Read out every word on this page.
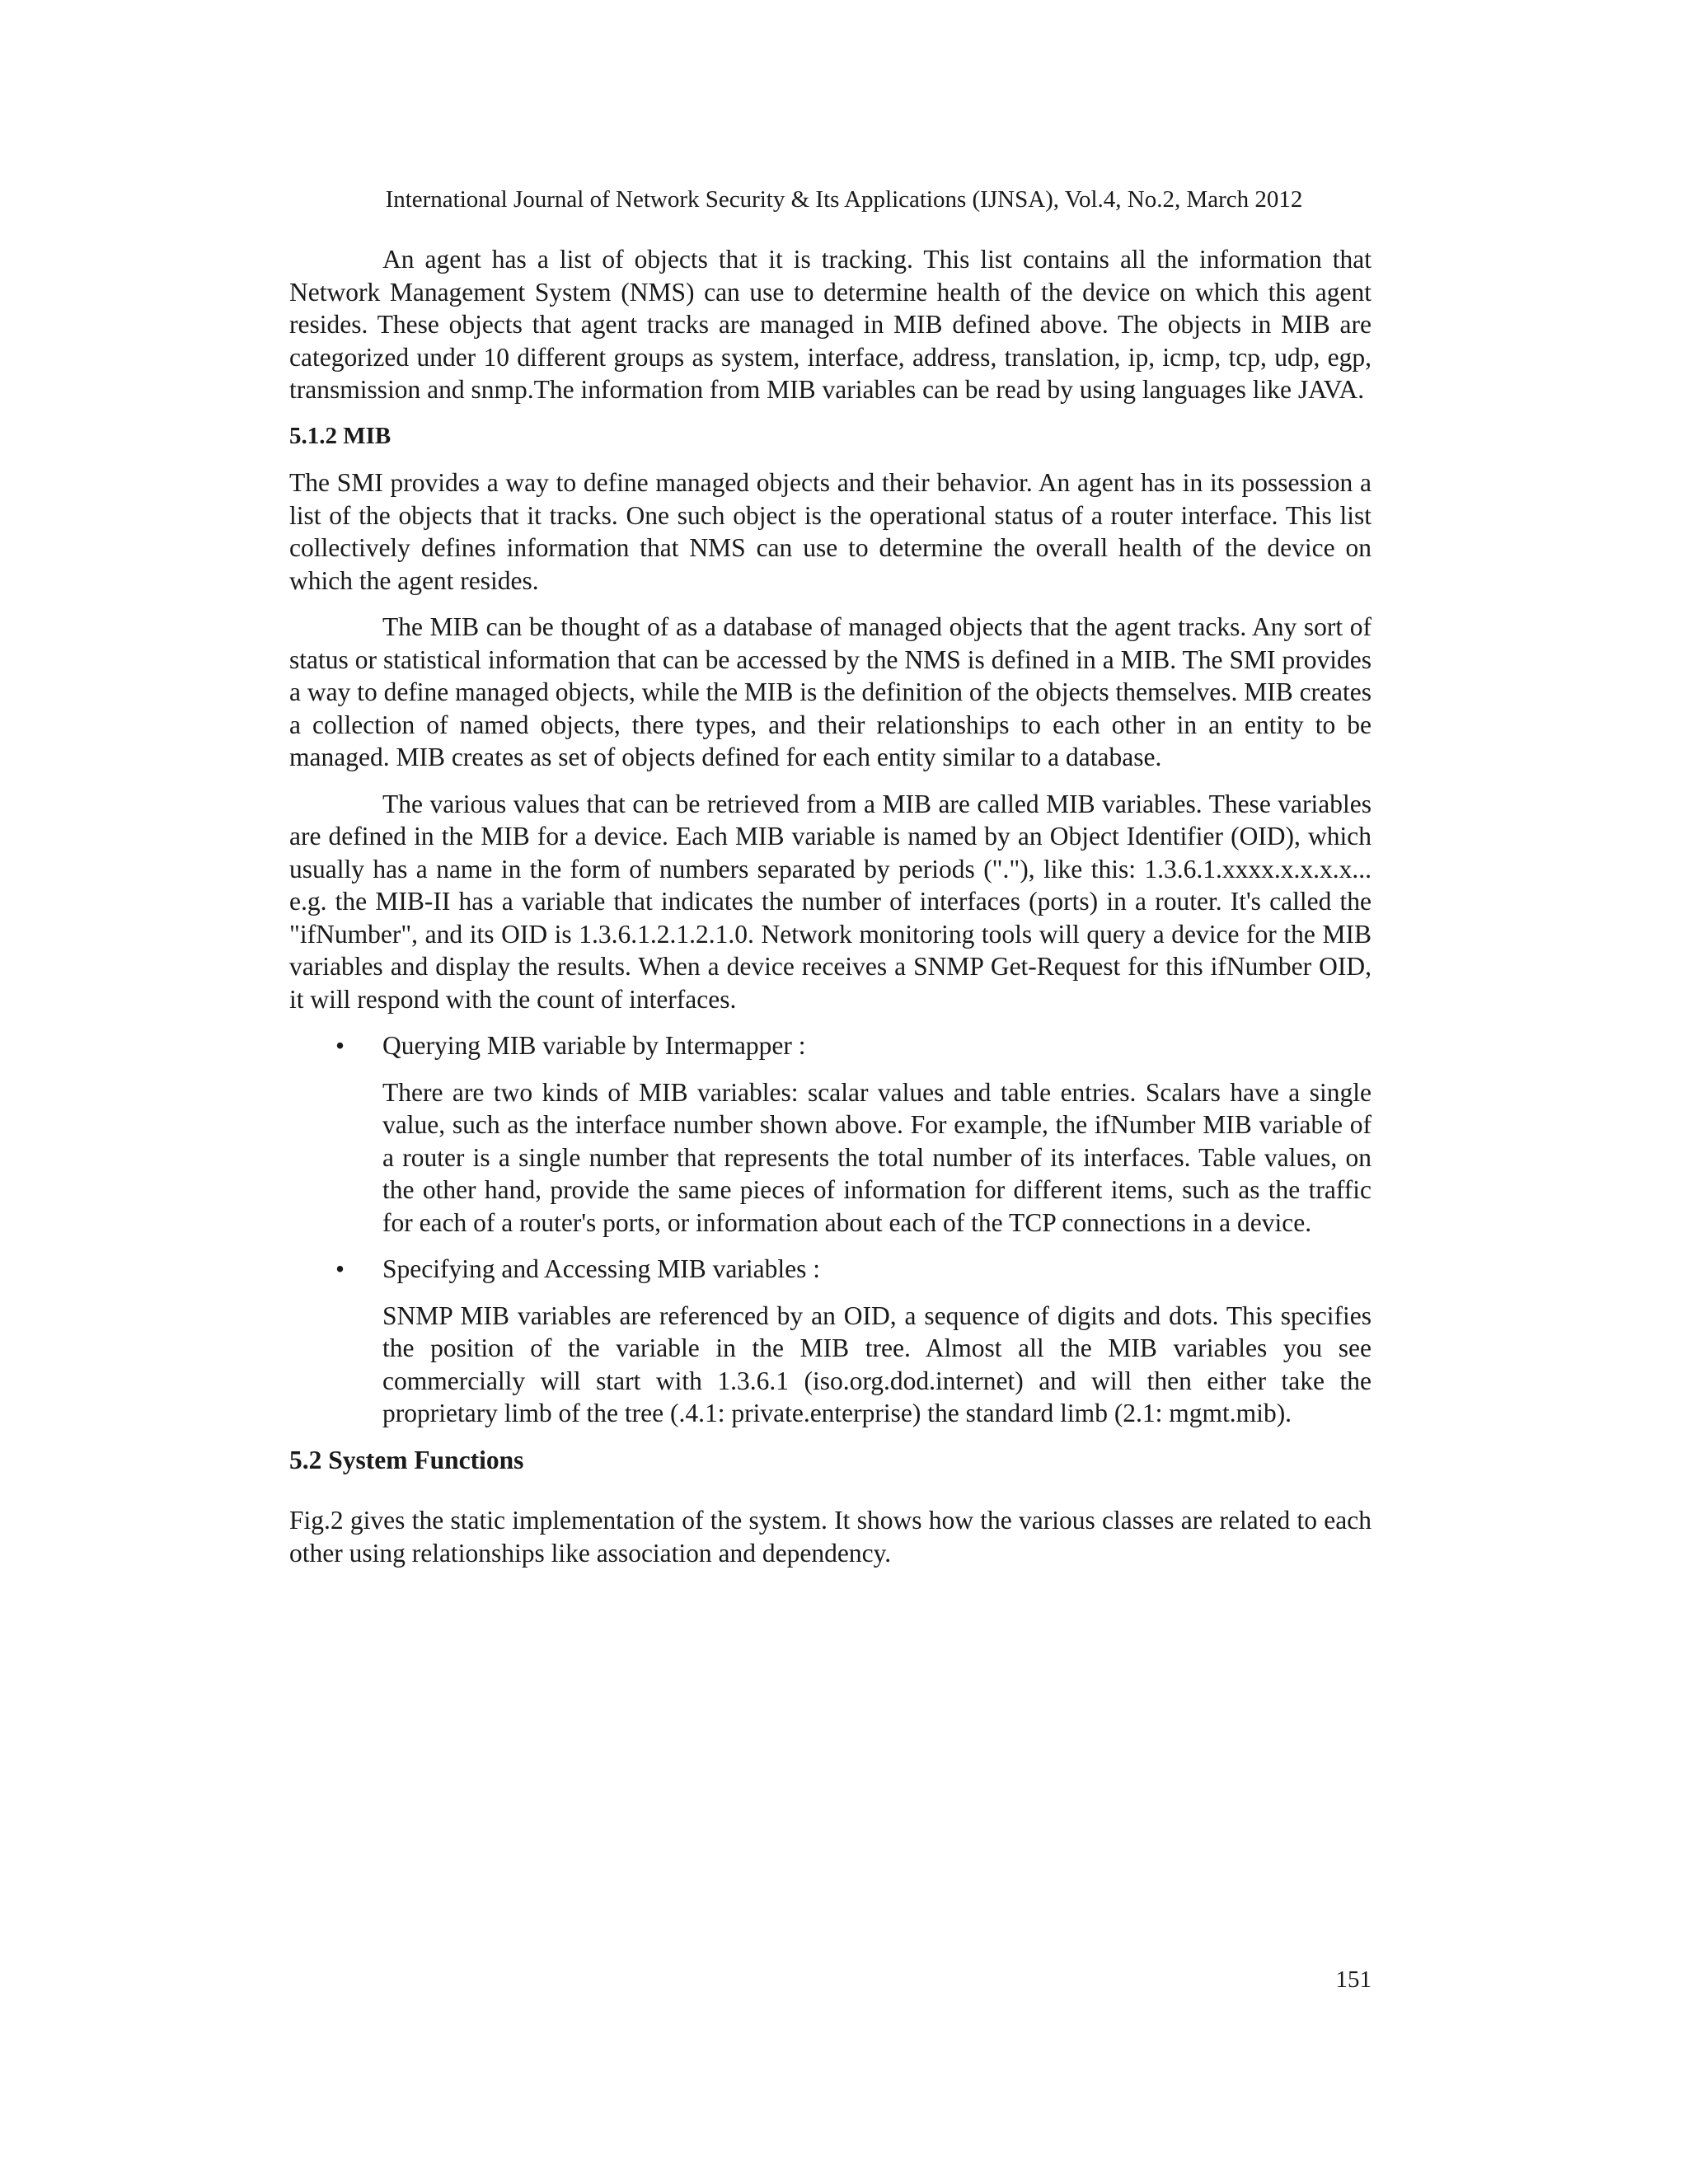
International Journal of Network Security & Its Applications (IJNSA), Vol.4, No.2, March 2012

An agent has a list of objects that it is tracking. This list contains all the information that Network Management System (NMS) can use to determine health of the device on which this agent resides. These objects that agent tracks are managed in MIB defined above. The objects in MIB are categorized under 10 different groups as system, interface, address, translation, ip, icmp, tcp, udp, egp, transmission and snmp.The information from MIB variables can be read by using languages like JAVA.

5.1.2 MIB

The SMI provides a way to define managed objects and their behavior. An agent has in its possession a list of the objects that it tracks. One such object is the operational status of a router interface. This list collectively defines information that NMS can use to determine the overall health of the device on which the agent resides.

The MIB can be thought of as a database of managed objects that the agent tracks. Any sort of status or statistical information that can be accessed by the NMS is defined in a MIB. The SMI provides a way to define managed objects, while the MIB is the definition of the objects themselves. MIB creates a collection of named objects, there types, and their relationships to each other in an entity to be managed. MIB creates as set of objects defined for each entity similar to a database.

The various values that can be retrieved from a MIB are called MIB variables. These variables are defined in the MIB for a device. Each MIB variable is named by an Object Identifier (OID), which usually has a name in the form of numbers separated by periods ("."), like this: 1.3.6.1.xxxx.x.x.x.x... e.g. the MIB-II has a variable that indicates the number of interfaces (ports) in a router. It's called the "ifNumber", and its OID is 1.3.6.1.2.1.2.1.0. Network monitoring tools will query a device for the MIB variables and display the results. When a device receives a SNMP Get-Request for this ifNumber OID, it will respond with the count of interfaces.

•	Querying MIB variable by Intermapper :

There are two kinds of MIB variables: scalar values and table entries. Scalars have a single value, such as the interface number shown above. For example, the ifNumber MIB variable of a router is a single number that represents the total number of its interfaces. Table values, on the other hand, provide the same pieces of information for different items, such as the traffic for each of a router's ports, or information about each of the TCP connections in a device.

•	Specifying and Accessing MIB variables :

SNMP MIB variables are referenced by an OID, a sequence of digits and dots. This specifies the position of the variable in the MIB tree. Almost all the MIB variables you see commercially will start with 1.3.6.1 (iso.org.dod.internet) and will then either take the proprietary limb of the tree (.4.1: private.enterprise) the standard limb (2.1: mgmt.mib).

5.2 System Functions

Fig.2 gives the static implementation of the system. It shows how the various classes are related to each other using relationships like association and dependency.

151
